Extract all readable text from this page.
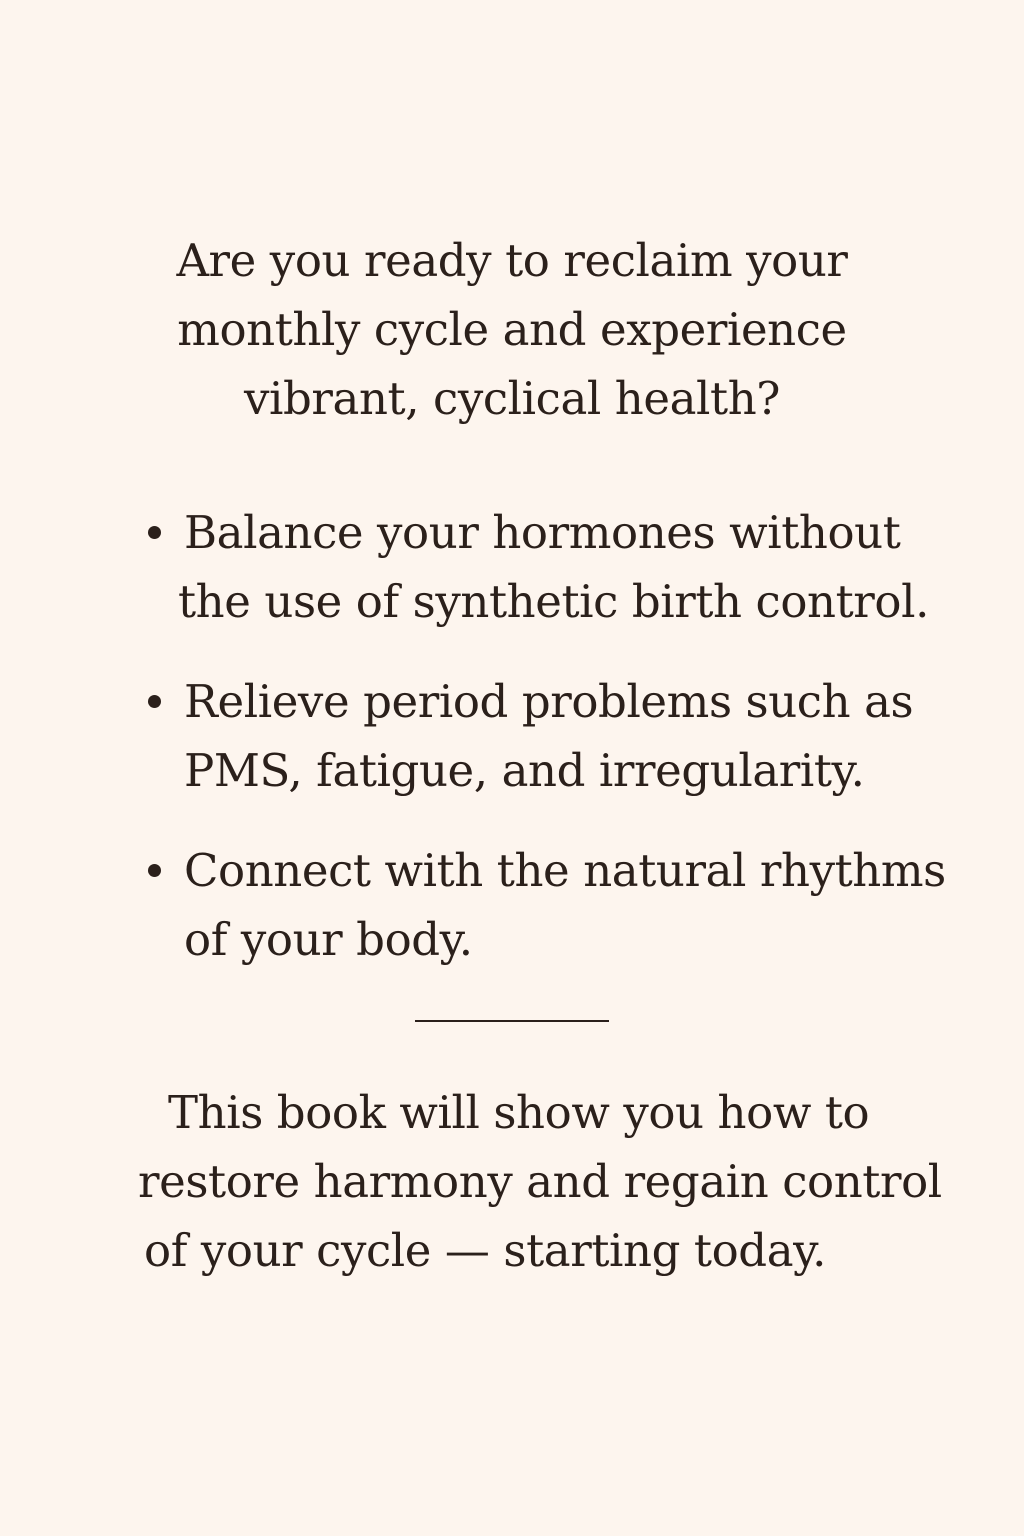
Are you ready to reclaim your
monthly cycle and experience
vibrant, cyclical health?
Balance your hormones without
the use of synthetic birth control.
Relieve period problems such as
PMS, fatigue, and irregularity.
Connect with the natural rhythms
of your body.
This book will show you how to
restore harmony and regain control
of your cycle — starting today.
